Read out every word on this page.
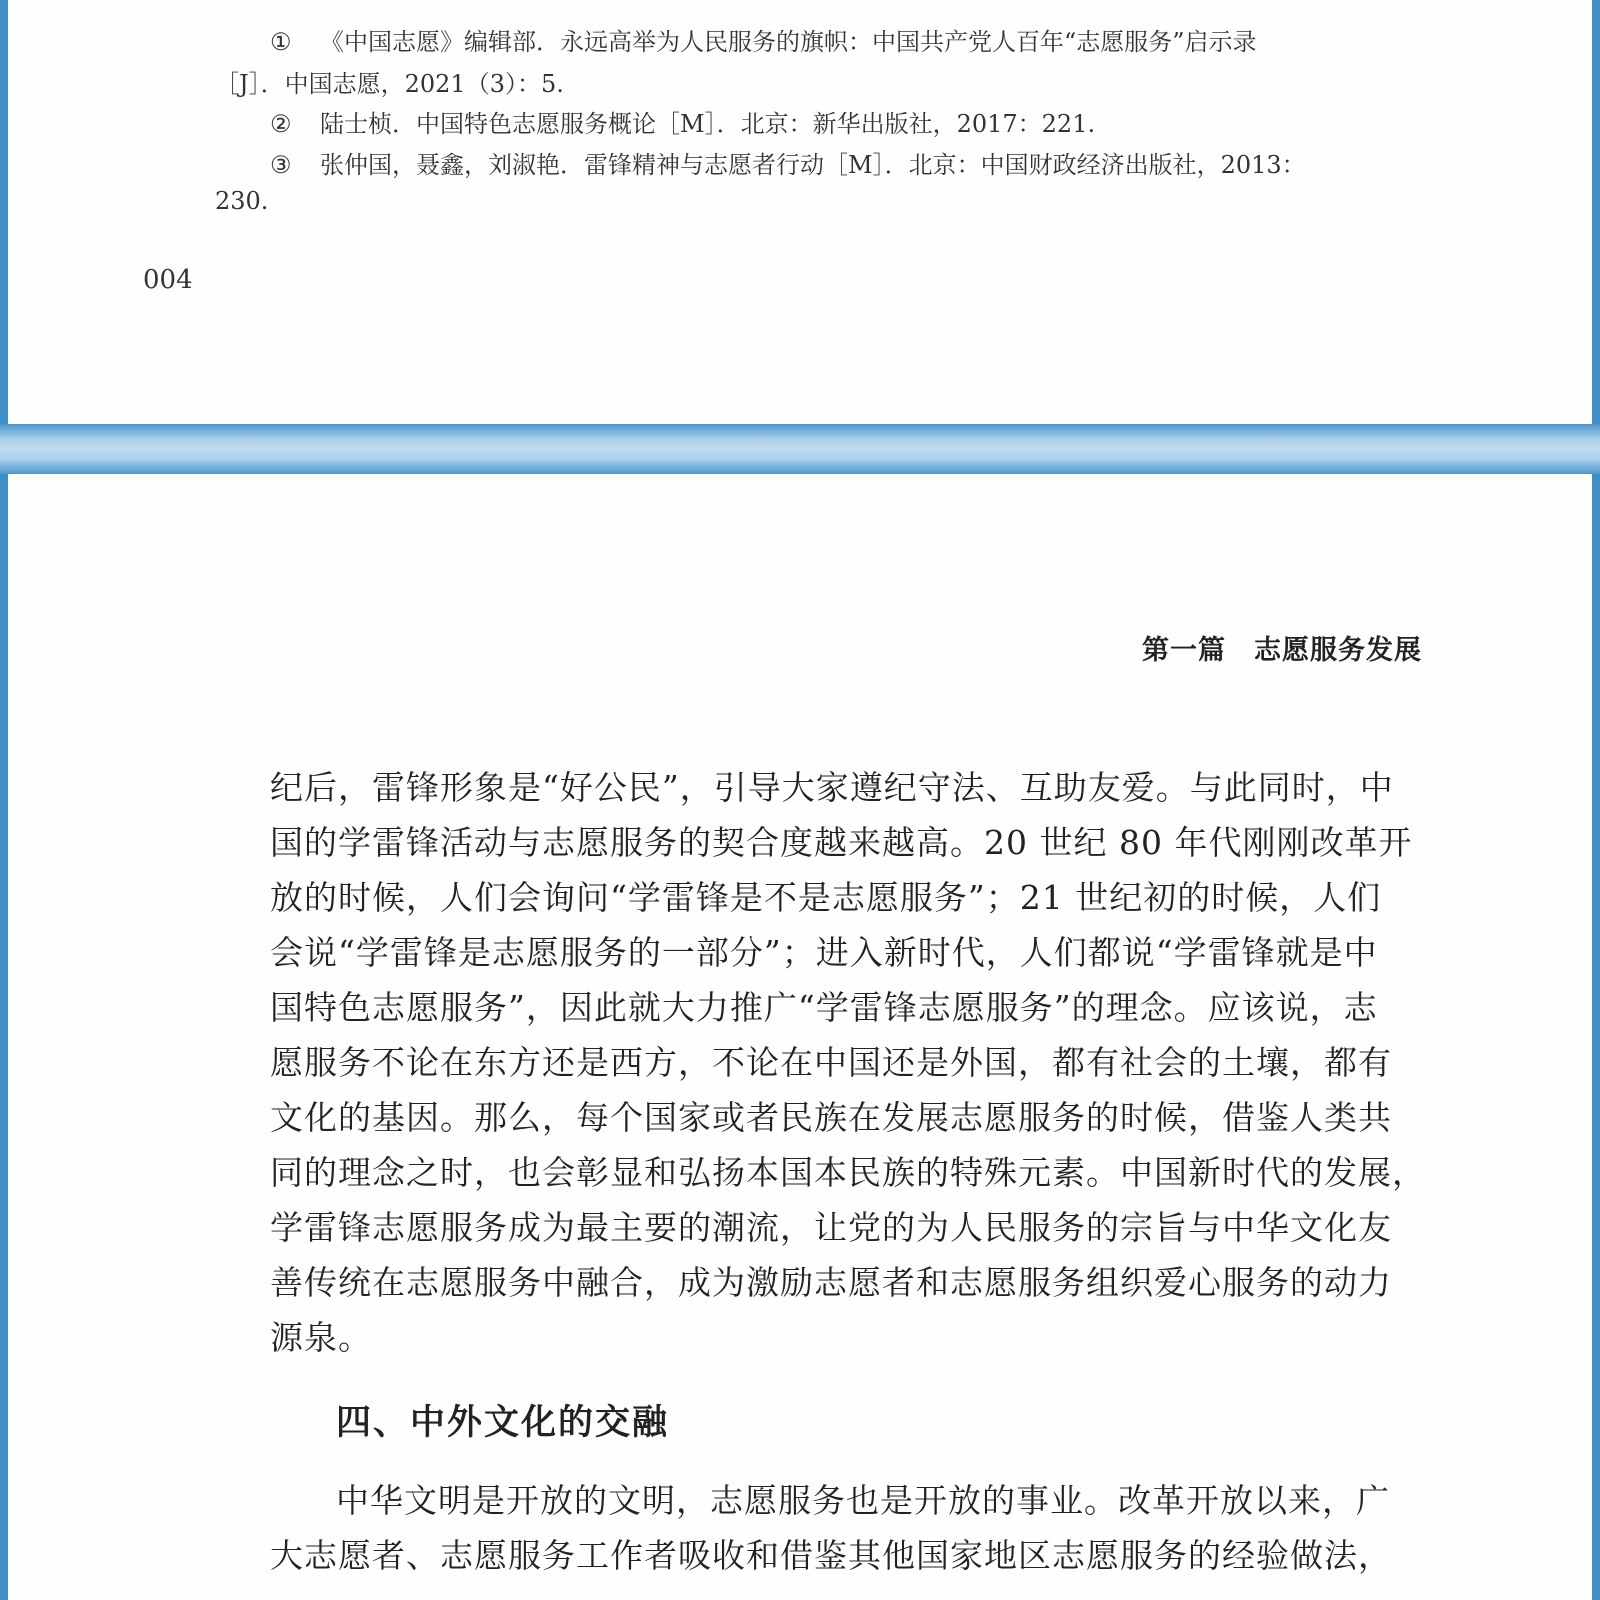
① 《中国志愿》编辑部．永远高举为人民服务的旗帜：中国共产党人百年“志愿服务”启示录
［J］．中国志愿，2021（3）：5.
② 陆士桢．中国特色志愿服务概论［M］．北京：新华出版社，2017：221.
③ 张仲国，聂鑫，刘淑艳．雷锋精神与志愿者行动［M］．北京：中国财政经济出版社，2013：
230.
004
第一篇　志愿服务发展
纪后，雷锋形象是“好公民”，引导大家遵纪守法、互助友爱。与此同时，中
国的学雷锋活动与志愿服务的契合度越来越高。20 世纪 80 年代刚刚改革开
放的时候，人们会询问“学雷锋是不是志愿服务”；21 世纪初的时候，人们
会说“学雷锋是志愿服务的一部分”；进入新时代，人们都说“学雷锋就是中
国特色志愿服务”，因此就大力推广“学雷锋志愿服务”的理念。应该说，志
愿服务不论在东方还是西方，不论在中国还是外国，都有社会的土壤，都有
文化的基因。那么，每个国家或者民族在发展志愿服务的时候，借鉴人类共
同的理念之时，也会彰显和弘扬本国本民族的特殊元素。中国新时代的发展，
学雷锋志愿服务成为最主要的潮流，让党的为人民服务的宗旨与中华文化友
善传统在志愿服务中融合，成为激励志愿者和志愿服务组织爱心服务的动力
源泉。
四、中外文化的交融
中华文明是开放的文明，志愿服务也是开放的事业。改革开放以来，广
大志愿者、志愿服务工作者吸收和借鉴其他国家地区志愿服务的经验做法，
